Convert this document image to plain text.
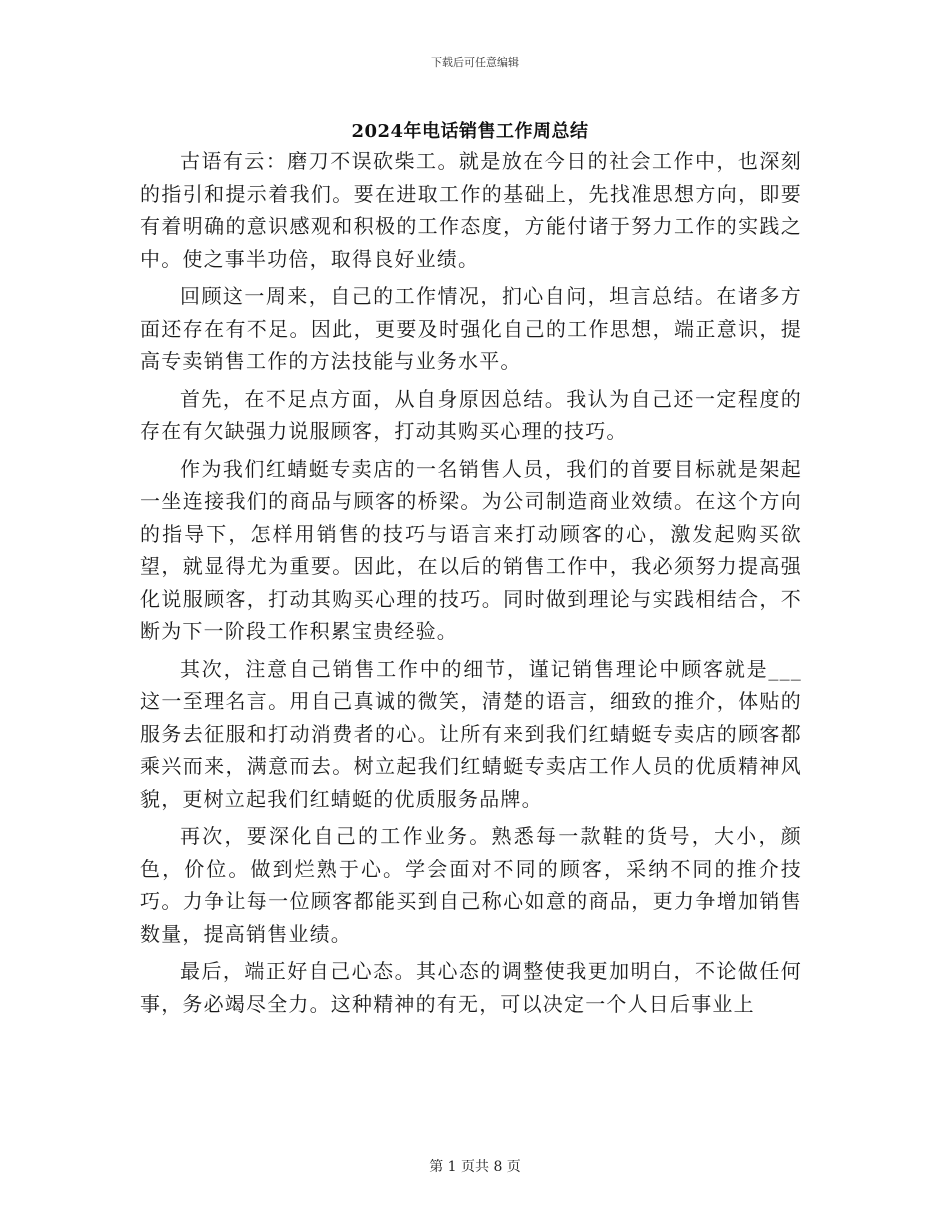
下载后可任意编辑
2024年电话销售工作周总结

古语有云：磨刀不误砍柴工。就是放在今日的社会工作中，也深刻的指引和提示着我们。要在进取工作的基础上，先找准思想方向，即要有着明确的意识感观和积极的工作态度，方能付诸于努力工作的实践之中。使之事半功倍，取得良好业绩。

回顾这一周来，自己的工作情况，扪心自问，坦言总结。在诸多方面还存在有不足。因此，更要及时强化自己的工作思想，端正意识，提高专卖销售工作的方法技能与业务水平。

首先，在不足点方面，从自身原因总结。我认为自己还一定程度的存在有欠缺强力说服顾客，打动其购买心理的技巧。

作为我们红蜻蜓专卖店的一名销售人员，我们的首要目标就是架起一坐连接我们的商品与顾客的桥梁。为公司制造商业效绩。在这个方向的指导下，怎样用销售的技巧与语言来打动顾客的心，激发起购买欲望，就显得尤为重要。因此，在以后的销售工作中，我必须努力提高强化说服顾客，打动其购买心理的技巧。同时做到理论与实践相结合，不断为下一阶段工作积累宝贵经验。

其次，注意自己销售工作中的细节，谨记销售理论中顾客就是___这一至理名言。用自己真诚的微笑，清楚的语言，细致的推介，体贴的服务去征服和打动消费者的心。让所有来到我们红蜻蜓专卖店的顾客都乘兴而来，满意而去。树立起我们红蜻蜓专卖店工作人员的优质精神风貌，更树立起我们红蜻蜓的优质服务品牌。

再次，要深化自己的工作业务。熟悉每一款鞋的货号，大小，颜色，价位。做到烂熟于心。学会面对不同的顾客，采纳不同的推介技巧。力争让每一位顾客都能买到自己称心如意的商品，更力争增加销售数量，提高销售业绩。

最后，端正好自己心态。其心态的调整使我更加明白，不论做任何事，务必竭尽全力。这种精神的有无，可以决定一个人日后事业上

第 1 页共 8 页
